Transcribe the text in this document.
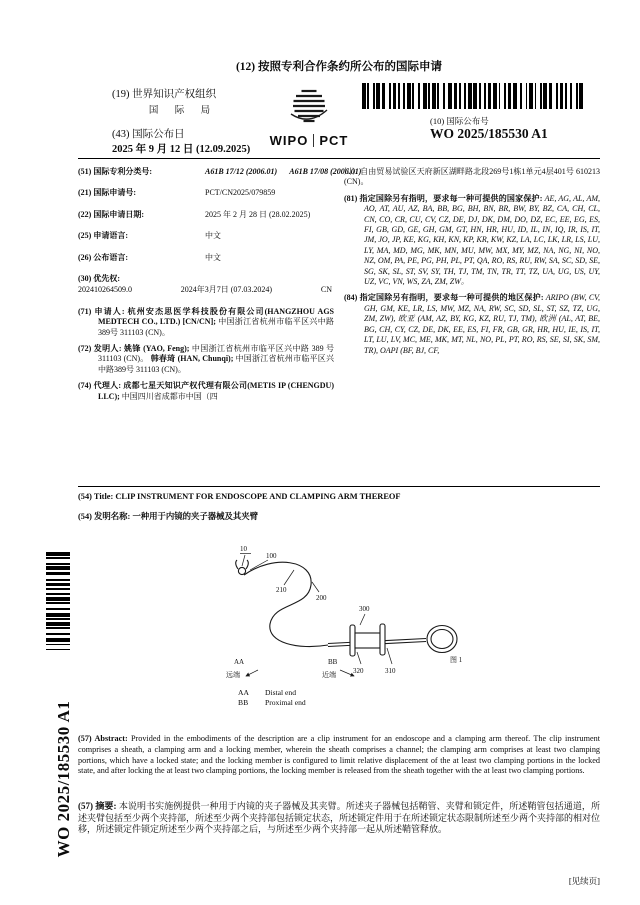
WO 2025/185530 A1
(12) 按照专利合作条约所公布的国际申请
(19) 世界知识产权组织
国 际 局
(43) 国际公布日
2025 年 9 月 12 日 (12.09.2025)
WIPO PCT
(10) 国际公布号
WO 2025/185530 A1
(51) 国际专利分类号:	A61B 17/12 (2006.01) A61B 17/08 (2006.01)
(21) 国际申请号:	PCT/CN2025/079859
(22) 国际申请日期:	2025 年 2 月 28 日 (28.02.2025)
(25) 申请语言:	中文
(26) 公布语言:	中文
(30) 优先权:
202410264509.0	2024年3月7日 (07.03.2024)	CN

(71) 申请人: 杭州安杰思医学科技股份有限公司(HANGZHOU AGS MEDTECH CO., LTD.) [CN/CN]; 中国浙江省杭州市临平区兴中路389号 311103 (CN)。

(72) 发明人: 姚锋 (YAO, Feng); 中国浙江省杭州市临平区兴中路 389 号 311103 (CN)。 韩春琦 (HAN, Chunqi); 中国浙江省杭州市临平区兴中路389号 311103 (CN)。

(74) 代理人: 成都七星天知识产权代理有限公司(METIS IP (CHENGDU) LLC); 中国四川省成都市中国（四

川）自由贸易试验区天府新区湖畔路北段269号1栋1单元4层401号 610213 (CN)。

(81) 指定国除另有指明，要求每一种可提供的国家保护: AE, AG, AL, AM, AO, AT, AU, AZ, BA, BB, BG, BH, BN, BR, BW, BY, BZ, CA, CH, CL, CN, CO, CR, CU, CV, CZ, DE, DJ, DK, DM, DO, DZ, EC, EE, EG, ES, FI, GB, GD, GE, GH, GM, GT, HN, HR, HU, ID, IL, IN, IQ, IR, IS, IT, JM, JO, JP, KE, KG, KH, KN, KP, KR, KW, KZ, LA, LC, LK, LR, LS, LU, LY, MA, MD, MG, MK, MN, MU, MW, MX, MY, MZ, NA, NG, NI, NO, NZ, OM, PA, PE, PG, PH, PL, PT, QA, RO, RS, RU, RW, SA, SC, SD, SE, SG, SK, SL, ST, SV, SY, TH, TJ, TM, TN, TR, TT, TZ, UA, UG, US, UY, UZ, VC, VN, WS, ZA, ZM, ZW。

(84) 指定国除另有指明，要求每一种可提供的地区保护: ARIPO (BW, CV, GH, GM, KE, LR, LS, MW, MZ, NA, RW, SC, SD, SL, ST, SZ, TZ, UG, ZM, ZW), 欧亚 (AM, AZ, BY, KG, KZ, RU, TJ, TM), 欧洲 (AL, AT, BE, BG, CH, CY, CZ, DE, DK, EE, ES, FI, FR, GB, GR, HR, HU, IE, IS, IT, LT, LU, LV, MC, ME, MK, MT, NL, NO, PL, PT, RO, RS, SE, SI, SK, SM, TR), OAPI (BF, BJ, CF,

(54) Title: CLIP INSTRUMENT FOR ENDOSCOPE AND CLAMPING ARM THEREOF
(54) 发明名称: 一种用于内镜的夹子器械及其夹臂
10
100
210
200
300
320	310
AA
远端
BB
近端
图 1
AA Distal end
BB Proximal end

(57) Abstract: Provided in the embodiments of the description are a clip instrument for an endoscope and a clamping arm thereof. The clip instrument comprises a sheath, a clamping arm and a locking member, wherein the sheath comprises a channel; the clamping arm comprises at least two clamping portions, which have a locked state; and the locking member is configured to limit relative displacement of the at least two clamping portions in the locked state, and after locking the at least two clamping portions, the locking member is released from the sheath together with the at least two clamping portions.

(57) 摘要: 本说明书实施例提供一种用于内镜的夹子器械及其夹臂。所述夹子器械包括鞘管、夹臂和锁定件，所述鞘管包括通道，所述夹臂包括至少两个夹持部，所述至少两个夹持部包括锁定状态，所述锁定件用于在所述锁定状态限制所述至少两个夹持部的相对位移，所述锁定件锁定所述至少两个夹持部之后，与所述至少两个夹持部一起从所述鞘管释放。

[见续页]
